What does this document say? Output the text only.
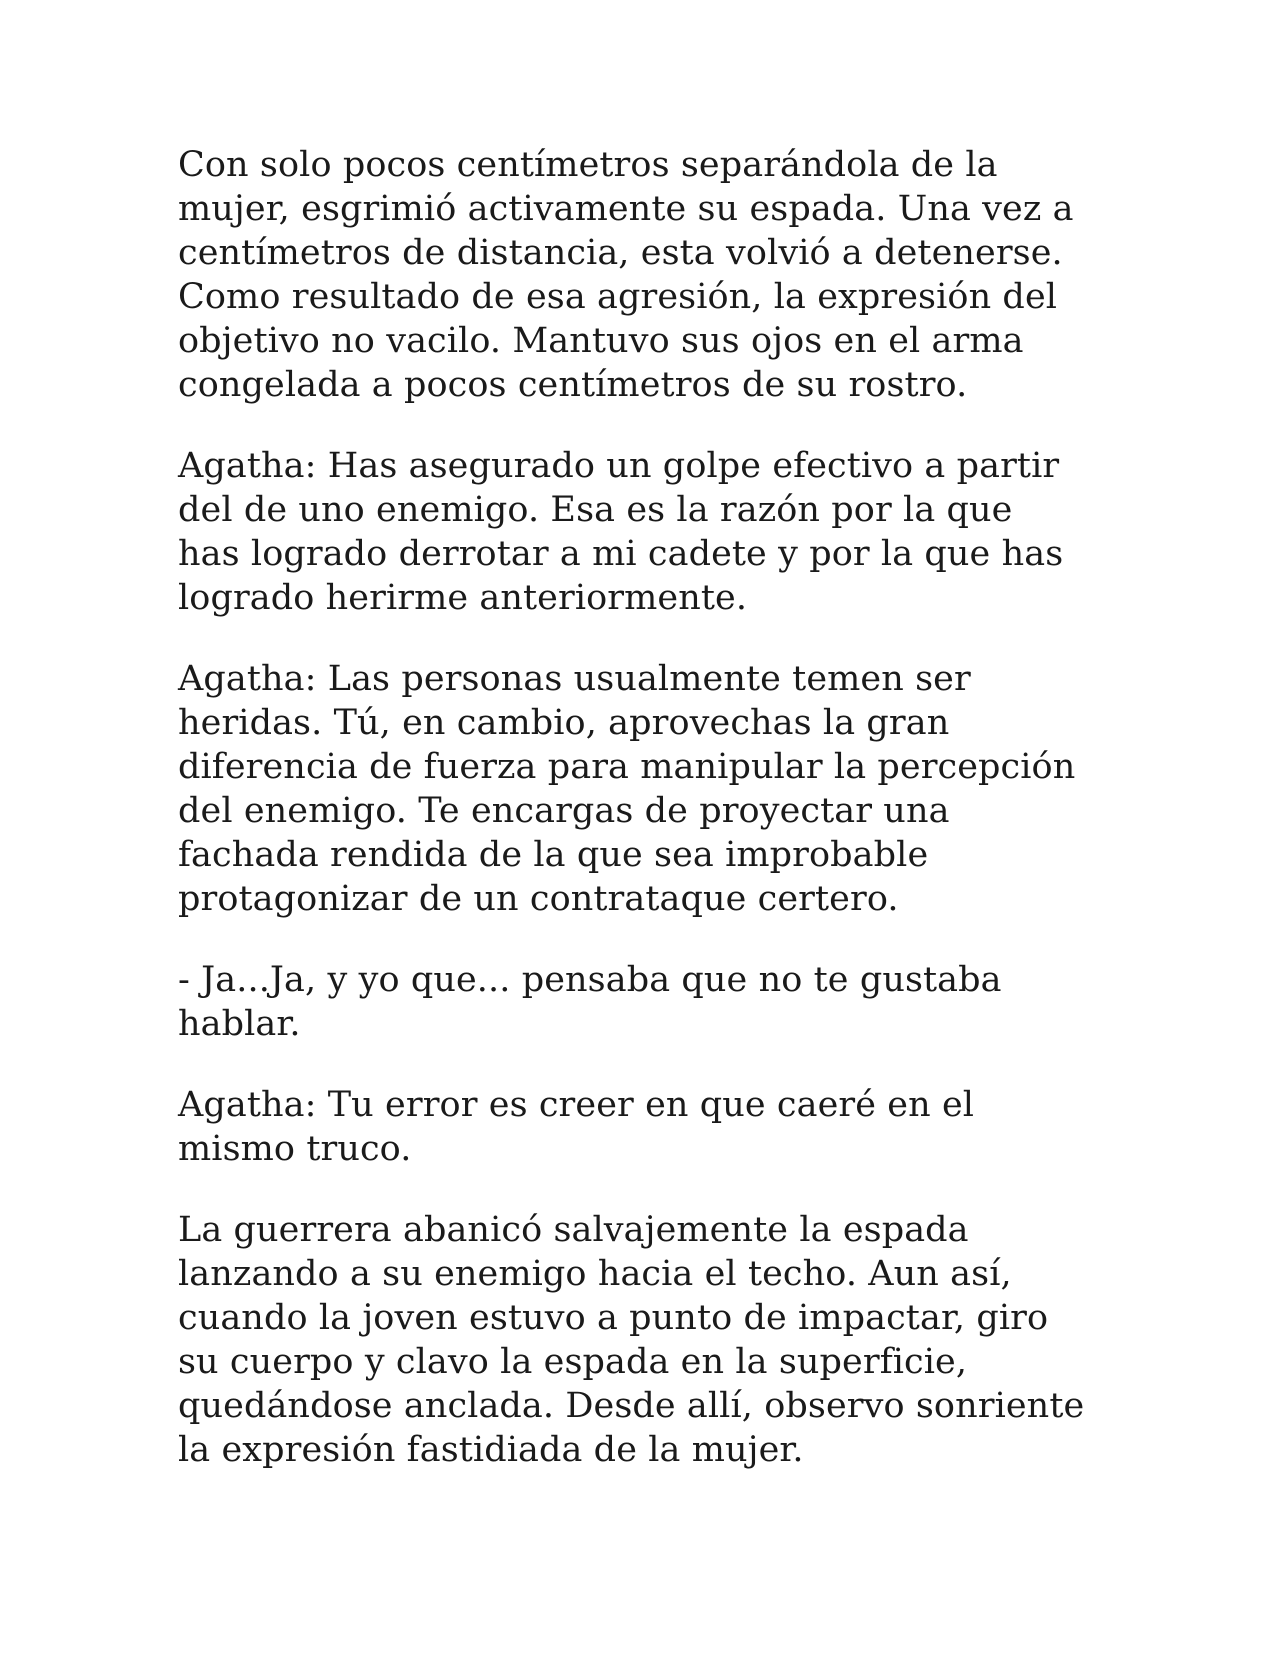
Con solo pocos centímetros separándola de la
mujer, esgrimió activamente su espada. Una vez a
centímetros de distancia, esta volvió a detenerse.
Como resultado de esa agresión, la expresión del
objetivo no vacilo. Mantuvo sus ojos en el arma
congelada a pocos centímetros de su rostro.

Agatha: Has asegurado un golpe efectivo a partir
del de uno enemigo. Esa es la razón por la que
has logrado derrotar a mi cadete y por la que has
logrado herirme anteriormente.

Agatha: Las personas usualmente temen ser
heridas. Tú, en cambio, aprovechas la gran
diferencia de fuerza para manipular la percepción
del enemigo. Te encargas de proyectar una
fachada rendida de la que sea improbable
protagonizar de un contrataque certero.

- Ja...Ja, y yo que... pensaba que no te gustaba
hablar.

Agatha: Tu error es creer en que caeré en el
mismo truco.

La guerrera abanicó salvajemente la espada
lanzando a su enemigo hacia el techo. Aun así,
cuando la joven estuvo a punto de impactar, giro
su cuerpo y clavo la espada en la superficie,
quedándose anclada. Desde allí, observo sonriente
la expresión fastidiada de la mujer.
